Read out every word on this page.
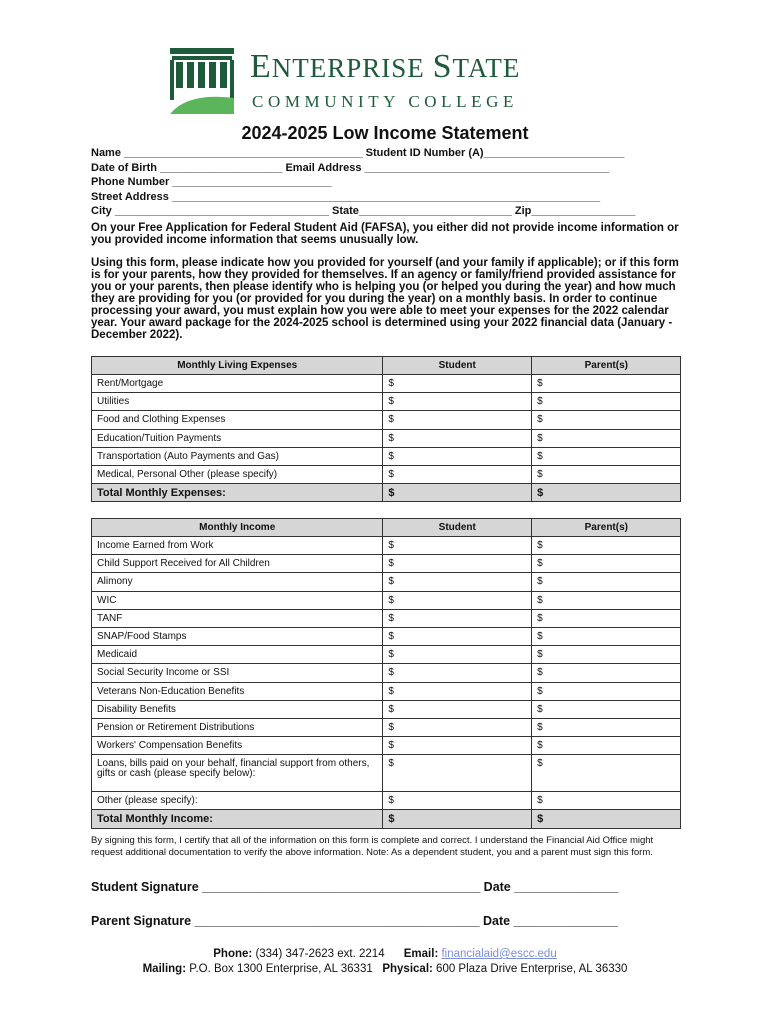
ENTERPRISE STATE
COMMUNITY COLLEGE
2024-2025 Low Income Statement
Name _______________________________________ Student ID Number (A)_______________________
Date of Birth ____________________ Email Address ________________________________________
Phone Number __________________________
Street Address ______________________________________________________________________
City ___________________________________ State_________________________ Zip_________________
On your Free Application for Federal Student Aid (FAFSA), you either did not provide income information or you provided income information that seems unusually low.
Using this form, please indicate how you provided for yourself (and your family if applicable); or if this form is for your parents, how they provided for themselves. If an agency or family/friend provided assistance for you or your parents, then please identify who is helping you (or helped you during the year) and how much they are providing for you (or provided for you during the year) on a monthly basis. In order to continue processing your award, you must explain how you were able to meet your expenses for the 2022 calendar year. Your award package for the 2024-2025 school is determined using your 2022 financial data (January - December 2022).
Monthly Living Expenses	Student	Parent(s)
Rent/Mortgage	$	$
Utilities	$	$
Food and Clothing Expenses	$	$
Education/Tuition Payments	$	$
Transportation (Auto Payments and Gas)	$	$
Medical, Personal Other (please specify)	$	$
Total Monthly Expenses:	$	$
Monthly Income	Student	Parent(s)
Income Earned from Work	$	$
Child Support Received for All Children	$	$
Alimony	$	$
WIC	$	$
TANF	$	$
SNAP/Food Stamps	$	$
Medicaid	$	$
Social Security Income or SSI	$	$
Veterans Non-Education Benefits	$	$
Disability Benefits	$	$
Pension or Retirement Distributions	$	$
Workers' Compensation Benefits	$	$
Loans, bills paid on your behalf, financial support from others, gifts or cash (please specify below):	$	$
Other (please specify):	$	$
Total Monthly Income:	$	$
By signing this form, I certify that all of the information on this form is complete and correct. I understand the Financial Aid Office might request additional documentation to verify the above information. Note: As a dependent student, you and a parent must sign this form.
Student Signature ________________________________________ Date _______________
Parent Signature _________________________________________ Date _______________
Phone: (334) 347-2623 ext. 2214 Email: financialaid@escc.edu
Mailing: P.O. Box 1300 Enterprise, AL 36331 Physical: 600 Plaza Drive Enterprise, AL 36330
